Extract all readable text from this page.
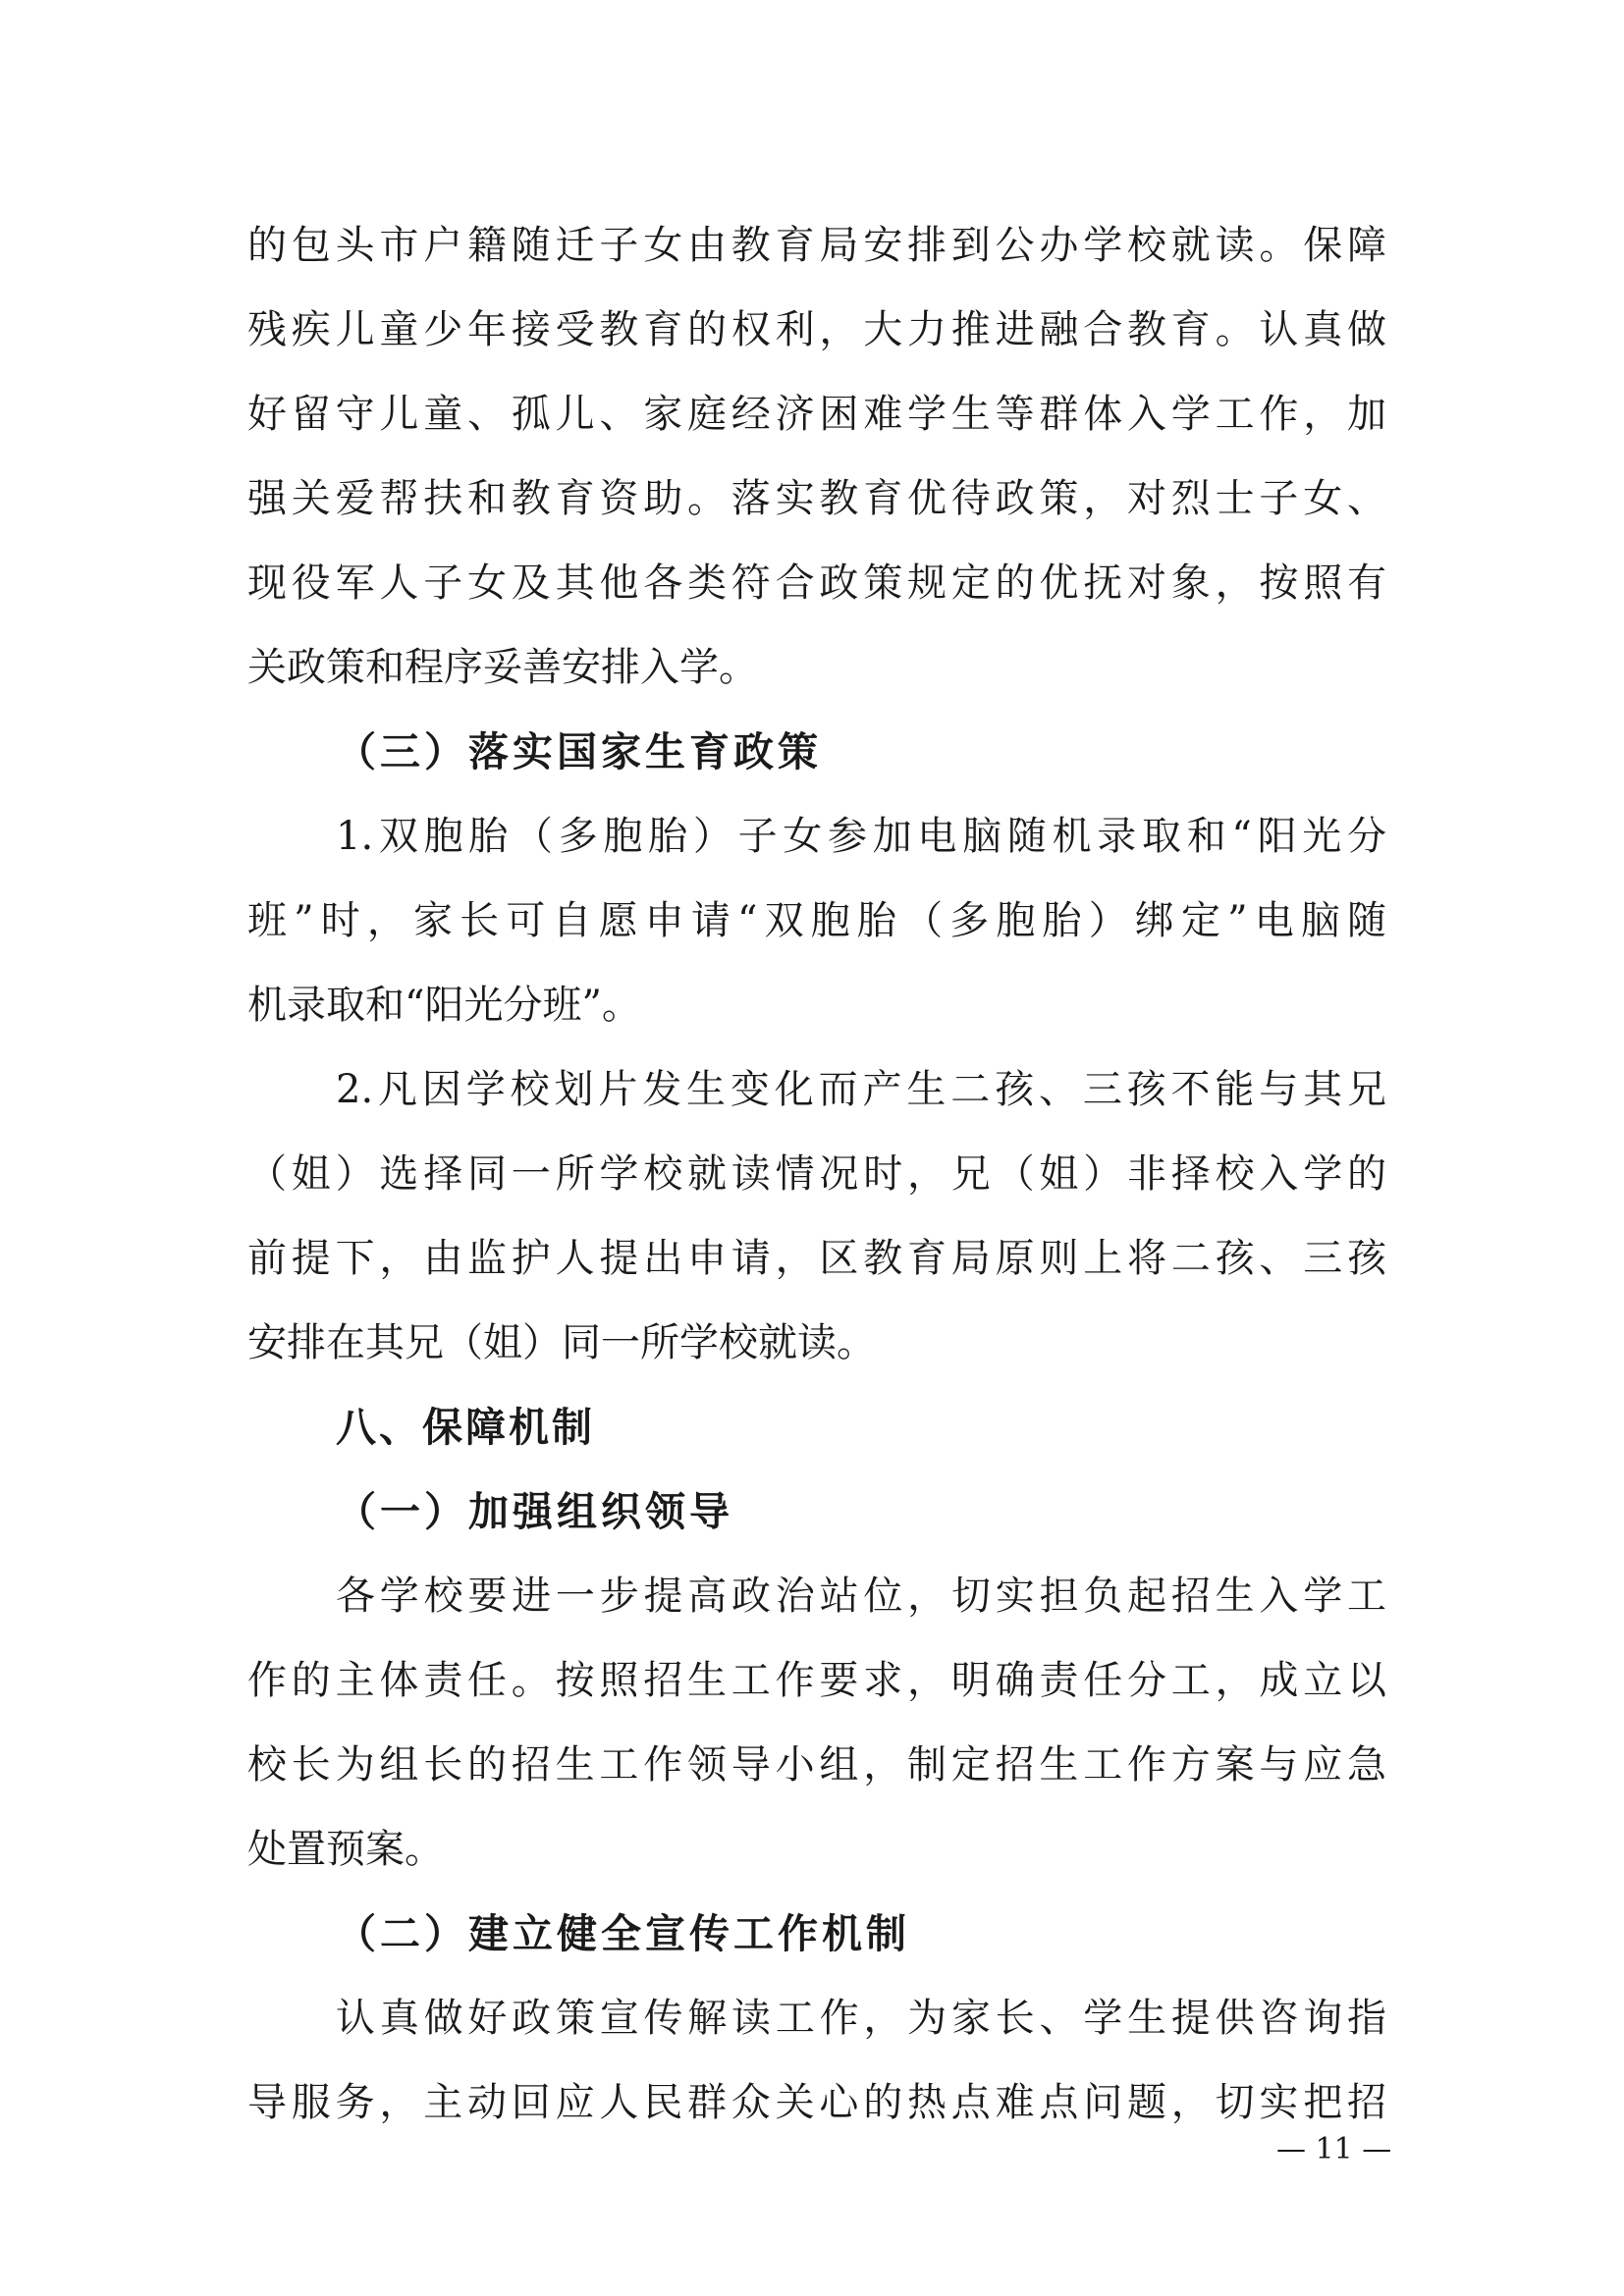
的包头市户籍随迁子女由教育局安排到公办学校就读。保障
残疾儿童少年接受教育的权利，大力推进融合教育。认真做
好留守儿童、孤儿、家庭经济困难学生等群体入学工作，加
强关爱帮扶和教育资助。落实教育优待政策，对烈士子女、
现役军人子女及其他各类符合政策规定的优抚对象，按照有
关政策和程序妥善安排入学。
（三）落实国家生育政策
1.双胞胎（多胞胎）子女参加电脑随机录取和“阳光分
班”时，家长可自愿申请“双胞胎（多胞胎）绑定”电脑随
机录取和“阳光分班”。
2.凡因学校划片发生变化而产生二孩、三孩不能与其兄
（姐）选择同一所学校就读情况时，兄（姐）非择校入学的
前提下，由监护人提出申请，区教育局原则上将二孩、三孩
安排在其兄（姐）同一所学校就读。
八、保障机制
（一）加强组织领导
各学校要进一步提高政治站位，切实担负起招生入学工
作的主体责任。按照招生工作要求，明确责任分工，成立以
校长为组长的招生工作领导小组，制定招生工作方案与应急
处置预案。
（二）建立健全宣传工作机制
认真做好政策宣传解读工作，为家长、学生提供咨询指
导服务，主动回应人民群众关心的热点难点问题，切实把招
— 11 —
